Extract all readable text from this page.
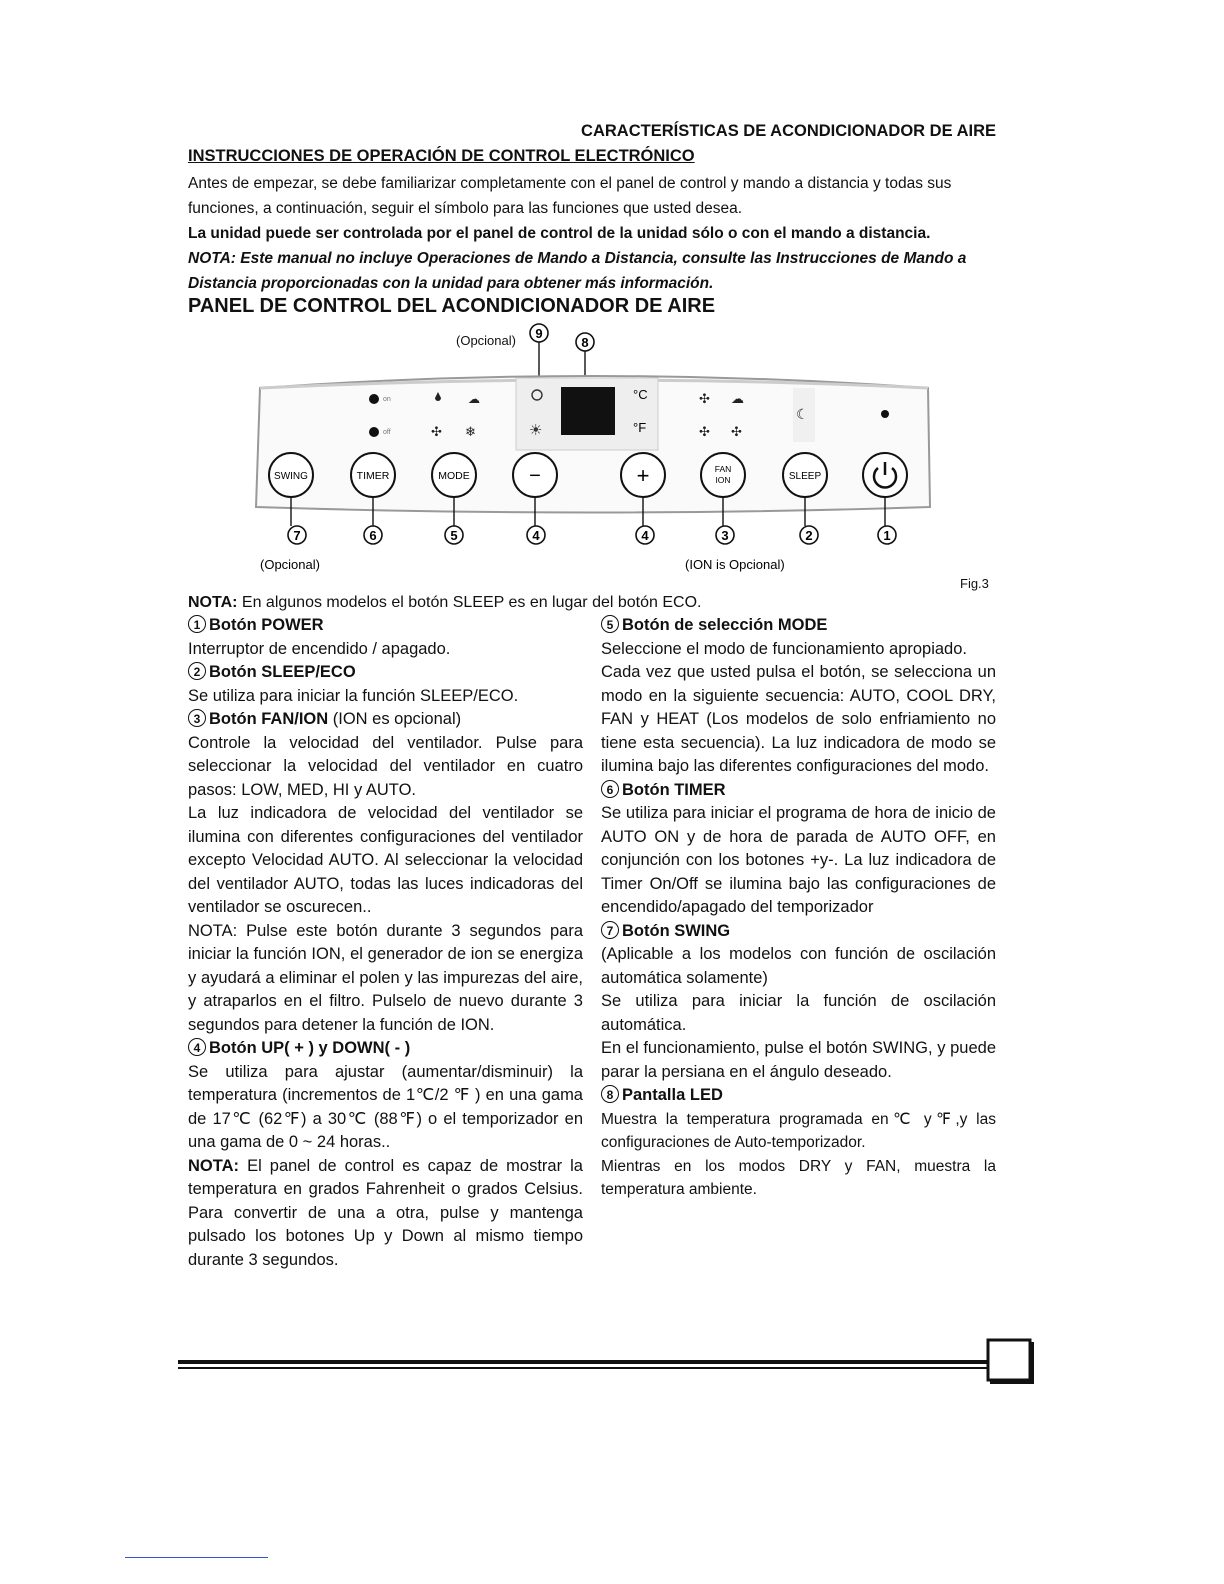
CARACTERÍSTICAS DE ACONDICIONADOR DE AIRE
INSTRUCCIONES DE OPERACIÓN DE CONTROL ELECTRÓNICO

Antes de empezar, se debe familiarizar completamente con el panel de control y mando a distancia y todas sus funciones, a continuación, seguir el símbolo para las funciones que usted desea.

La unidad puede ser controlada por el panel de control de la unidad sólo o con el mando a distancia.

NOTA: Este manual no incluye Operaciones de Mando a Distancia, consulte las Instrucciones de Mando a Distancia proporcionadas con la unidad para obtener más información.

PANEL DE CONTROL DEL ACONDICIONADOR DE AIRE
(Opcional) 9
8
on
off
☁
✣ ❄
°C
°F
☀
✣ ☁
✣ ✣
☾
SWING	TIMER	MODE	−	+	FAN
ION	SLEEP
7	6	5	4	4	3	2	1
(Opcional)	(ION is Opcional)
Fig.3
NOTA: En algunos modelos el botón SLEEP es en lugar del botón ECO.

1 Botón POWER

Interruptor de encendido / apagado.

2 Botón SLEEP/ECO

Se utiliza para iniciar la función SLEEP/ECO.

3 Botón FAN/ION (ION es opcional)

Controle la velocidad del ventilador. Pulse para seleccionar la velocidad del ventilador en cuatro pasos: LOW, MED, HI y AUTO.

La luz indicadora de velocidad del ventilador se ilumina con diferentes configuraciones del ventilador excepto Velocidad AUTO. Al seleccionar la velocidad del ventilador AUTO, todas las luces indicadoras del ventilador se oscurecen..

NOTA: Pulse este botón durante 3 segundos para iniciar la función ION, el generador de ion se energiza y ayudará a eliminar el polen y las impurezas del aire, y atraparlos en el filtro. Pulselo de nuevo durante 3 segundos para detener la función de ION.

4 Botón UP( + ) y DOWN( - )

Se utiliza para ajustar (aumentar/disminuir) la temperatura (incrementos de 1℃/2 ℉ ) en una gama de 17℃ (62℉) a 30℃ (88℉) o el temporizador en una gama de 0 ~ 24 horas..

NOTA: El panel de control es capaz de mostrar la temperatura en grados Fahrenheit o grados Celsius. Para convertir de una a otra, pulse y mantenga pulsado los botones Up y Down al mismo tiempo durante 3 segundos.

5 Botón de selección MODE

Seleccione el modo de funcionamiento apropiado.

Cada vez que usted pulsa el botón, se selecciona un modo en la siguiente secuencia: AUTO, COOL DRY, FAN y HEAT (Los modelos de solo enfriamiento no tiene esta secuencia). La luz indicadora de modo se ilumina bajo las diferentes configuraciones del modo.

6 Botón TIMER

Se utiliza para iniciar el programa de hora de inicio de AUTO ON y de hora de parada de AUTO OFF, en conjunción con los botones +y-. La luz indicadora de Timer On/Off se ilumina bajo las configuraciones de encendido/apagado del temporizador

7 Botón SWING

(Aplicable a los modelos con función de oscilación automática solamente)

Se utiliza para iniciar la función de oscilación automática.

En el funcionamiento, pulse el botón SWING, y puede parar la persiana en el ángulo deseado.

8 Pantalla LED

Muestra la temperatura programada en℃ y℉,y las configuraciones de Auto-temporizador.

Mientras en los modos DRY y FAN, muestra la temperatura ambiente.
